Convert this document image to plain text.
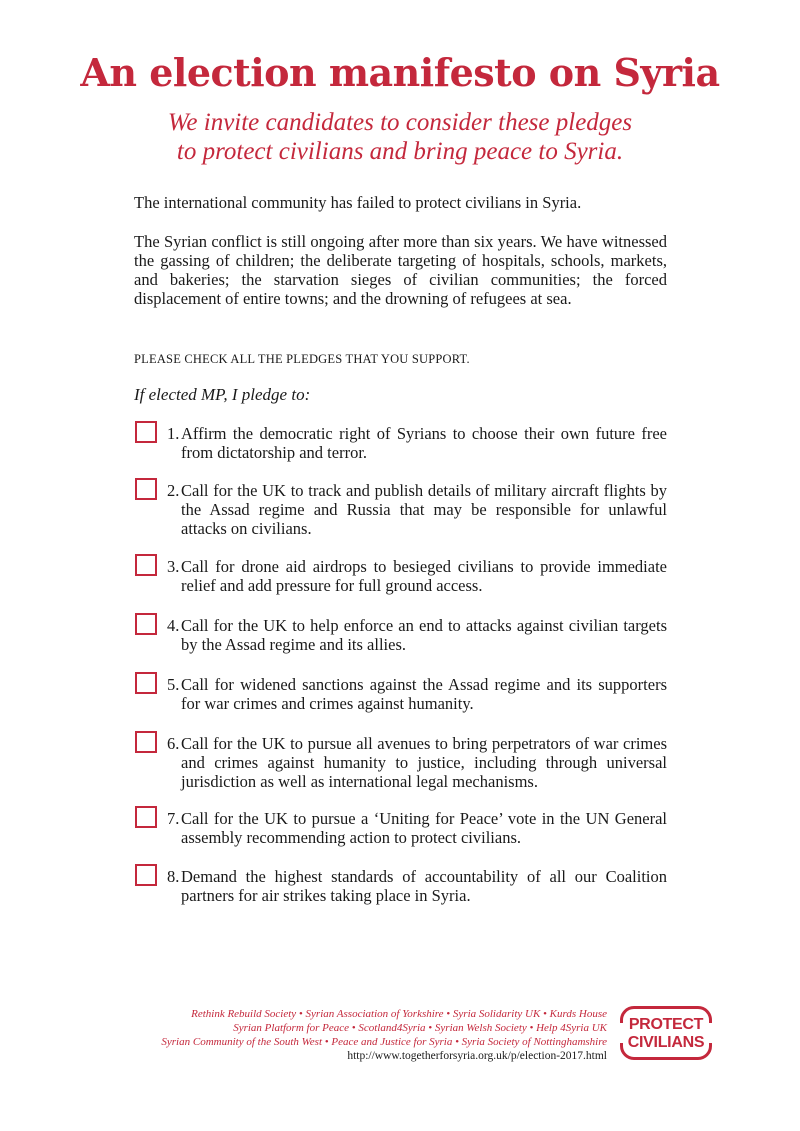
An election manifesto on Syria
We invite candidates to consider these pledges
to protect civilians and bring peace to Syria.
The international community has failed to protect civilians in Syria.
The Syrian conflict is still ongoing after more than six years. We have witnessed the gassing of children; the deliberate targeting of hospitals, schools, markets, and bakeries; the starvation sieges of civilian communities; the forced displacement of entire towns; and the drowning of refugees at sea.
PLEASE CHECK ALL THE PLEDGES THAT YOU SUPPORT.
If elected MP, I pledge to:
1. Affirm the democratic right of Syrians to choose their own future free from dictatorship and terror.
2. Call for the UK to track and publish details of military aircraft flights by the Assad regime and Russia that may be responsible for unlawful attacks on civilians.
3. Call for drone aid airdrops to besieged civilians to provide immediate relief and add pressure for full ground access.
4. Call for the UK to help enforce an end to attacks against civilian targets by the Assad regime and its allies.
5. Call for widened sanctions against the Assad regime and its supporters for war crimes and crimes against humanity.
6. Call for the UK to pursue all avenues to bring perpetrators of war crimes and crimes against humanity to justice, including through universal jurisdiction as well as international legal mechanisms.
7. Call for the UK to pursue a ‘Uniting for Peace’ vote in the UN General assembly recommending action to protect civilians.
8. Demand the highest standards of accountability of all our Coalition partners for air strikes taking place in Syria.
Rethink Rebuild Society • Syrian Association of Yorkshire • Syria Solidarity UK • Kurds House
Syrian Platform for Peace • Scotland4Syria • Syrian Welsh Society • Help 4Syria UK
Syrian Community of the South West • Peace and Justice for Syria • Syria Society of Nottinghamshire
http://www.togetherforsyria.org.uk/p/election-2017.html
PROTECT
CIVILIANS
